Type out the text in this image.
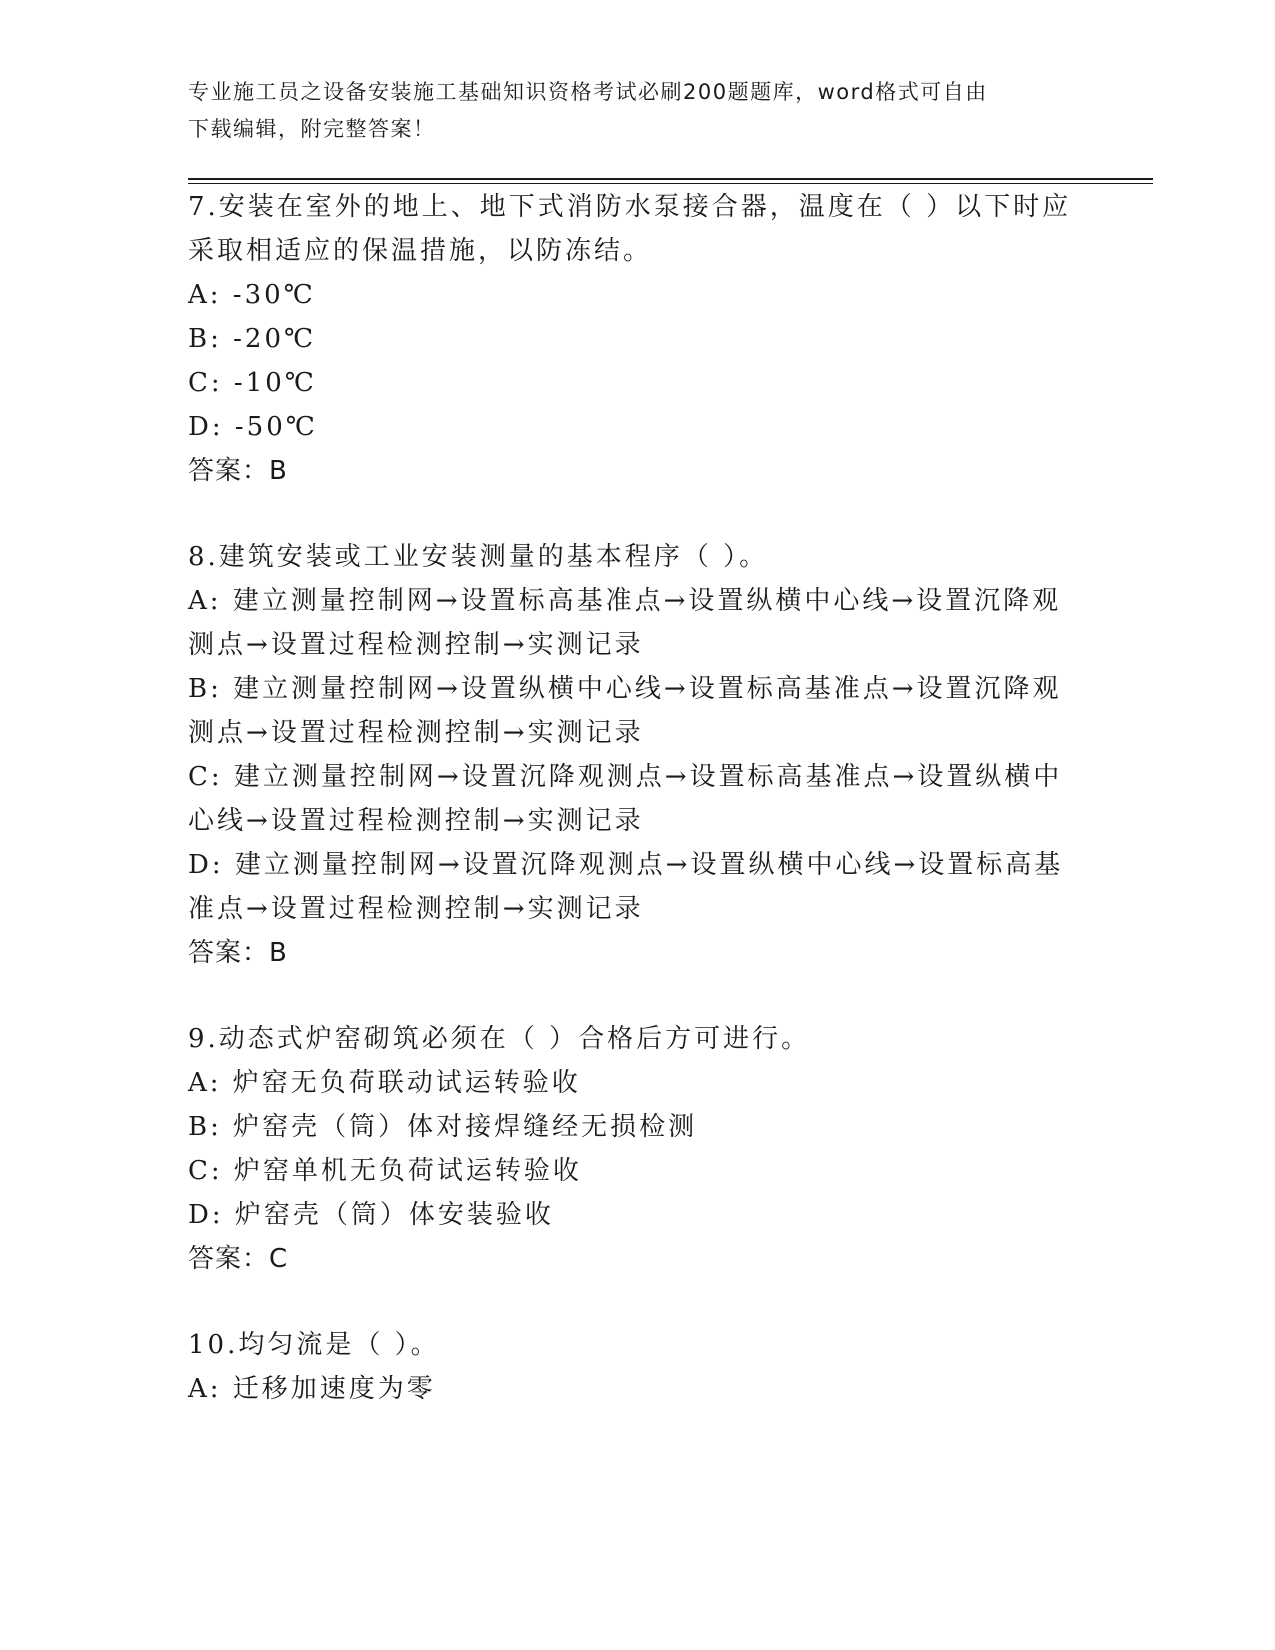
专业施工员之设备安装施工基础知识资格考试必刷200题题库，word格式可自由
下载编辑，附完整答案！
7.安装在室外的地上、地下式消防水泵接合器，温度在（ ）以下时应
采取相适应的保温措施，以防冻结。
A: -30℃
B: -20℃
C: -10℃
D: -50℃
答案：B
8.建筑安装或工业安装测量的基本程序（ ）。
A: 建立测量控制网→设置标高基准点→设置纵横中心线→设置沉降观
测点→设置过程检测控制→实测记录
B: 建立测量控制网→设置纵横中心线→设置标高基准点→设置沉降观
测点→设置过程检测控制→实测记录
C: 建立测量控制网→设置沉降观测点→设置标高基准点→设置纵横中
心线→设置过程检测控制→实测记录
D: 建立测量控制网→设置沉降观测点→设置纵横中心线→设置标高基
准点→设置过程检测控制→实测记录
答案：B
9.动态式炉窑砌筑必须在（ ）合格后方可进行。
A: 炉窑无负荷联动试运转验收
B: 炉窑壳（筒）体对接焊缝经无损检测
C: 炉窑单机无负荷试运转验收
D: 炉窑壳（筒）体安装验收
答案：C
10.均匀流是（ ）。
A: 迁移加速度为零
